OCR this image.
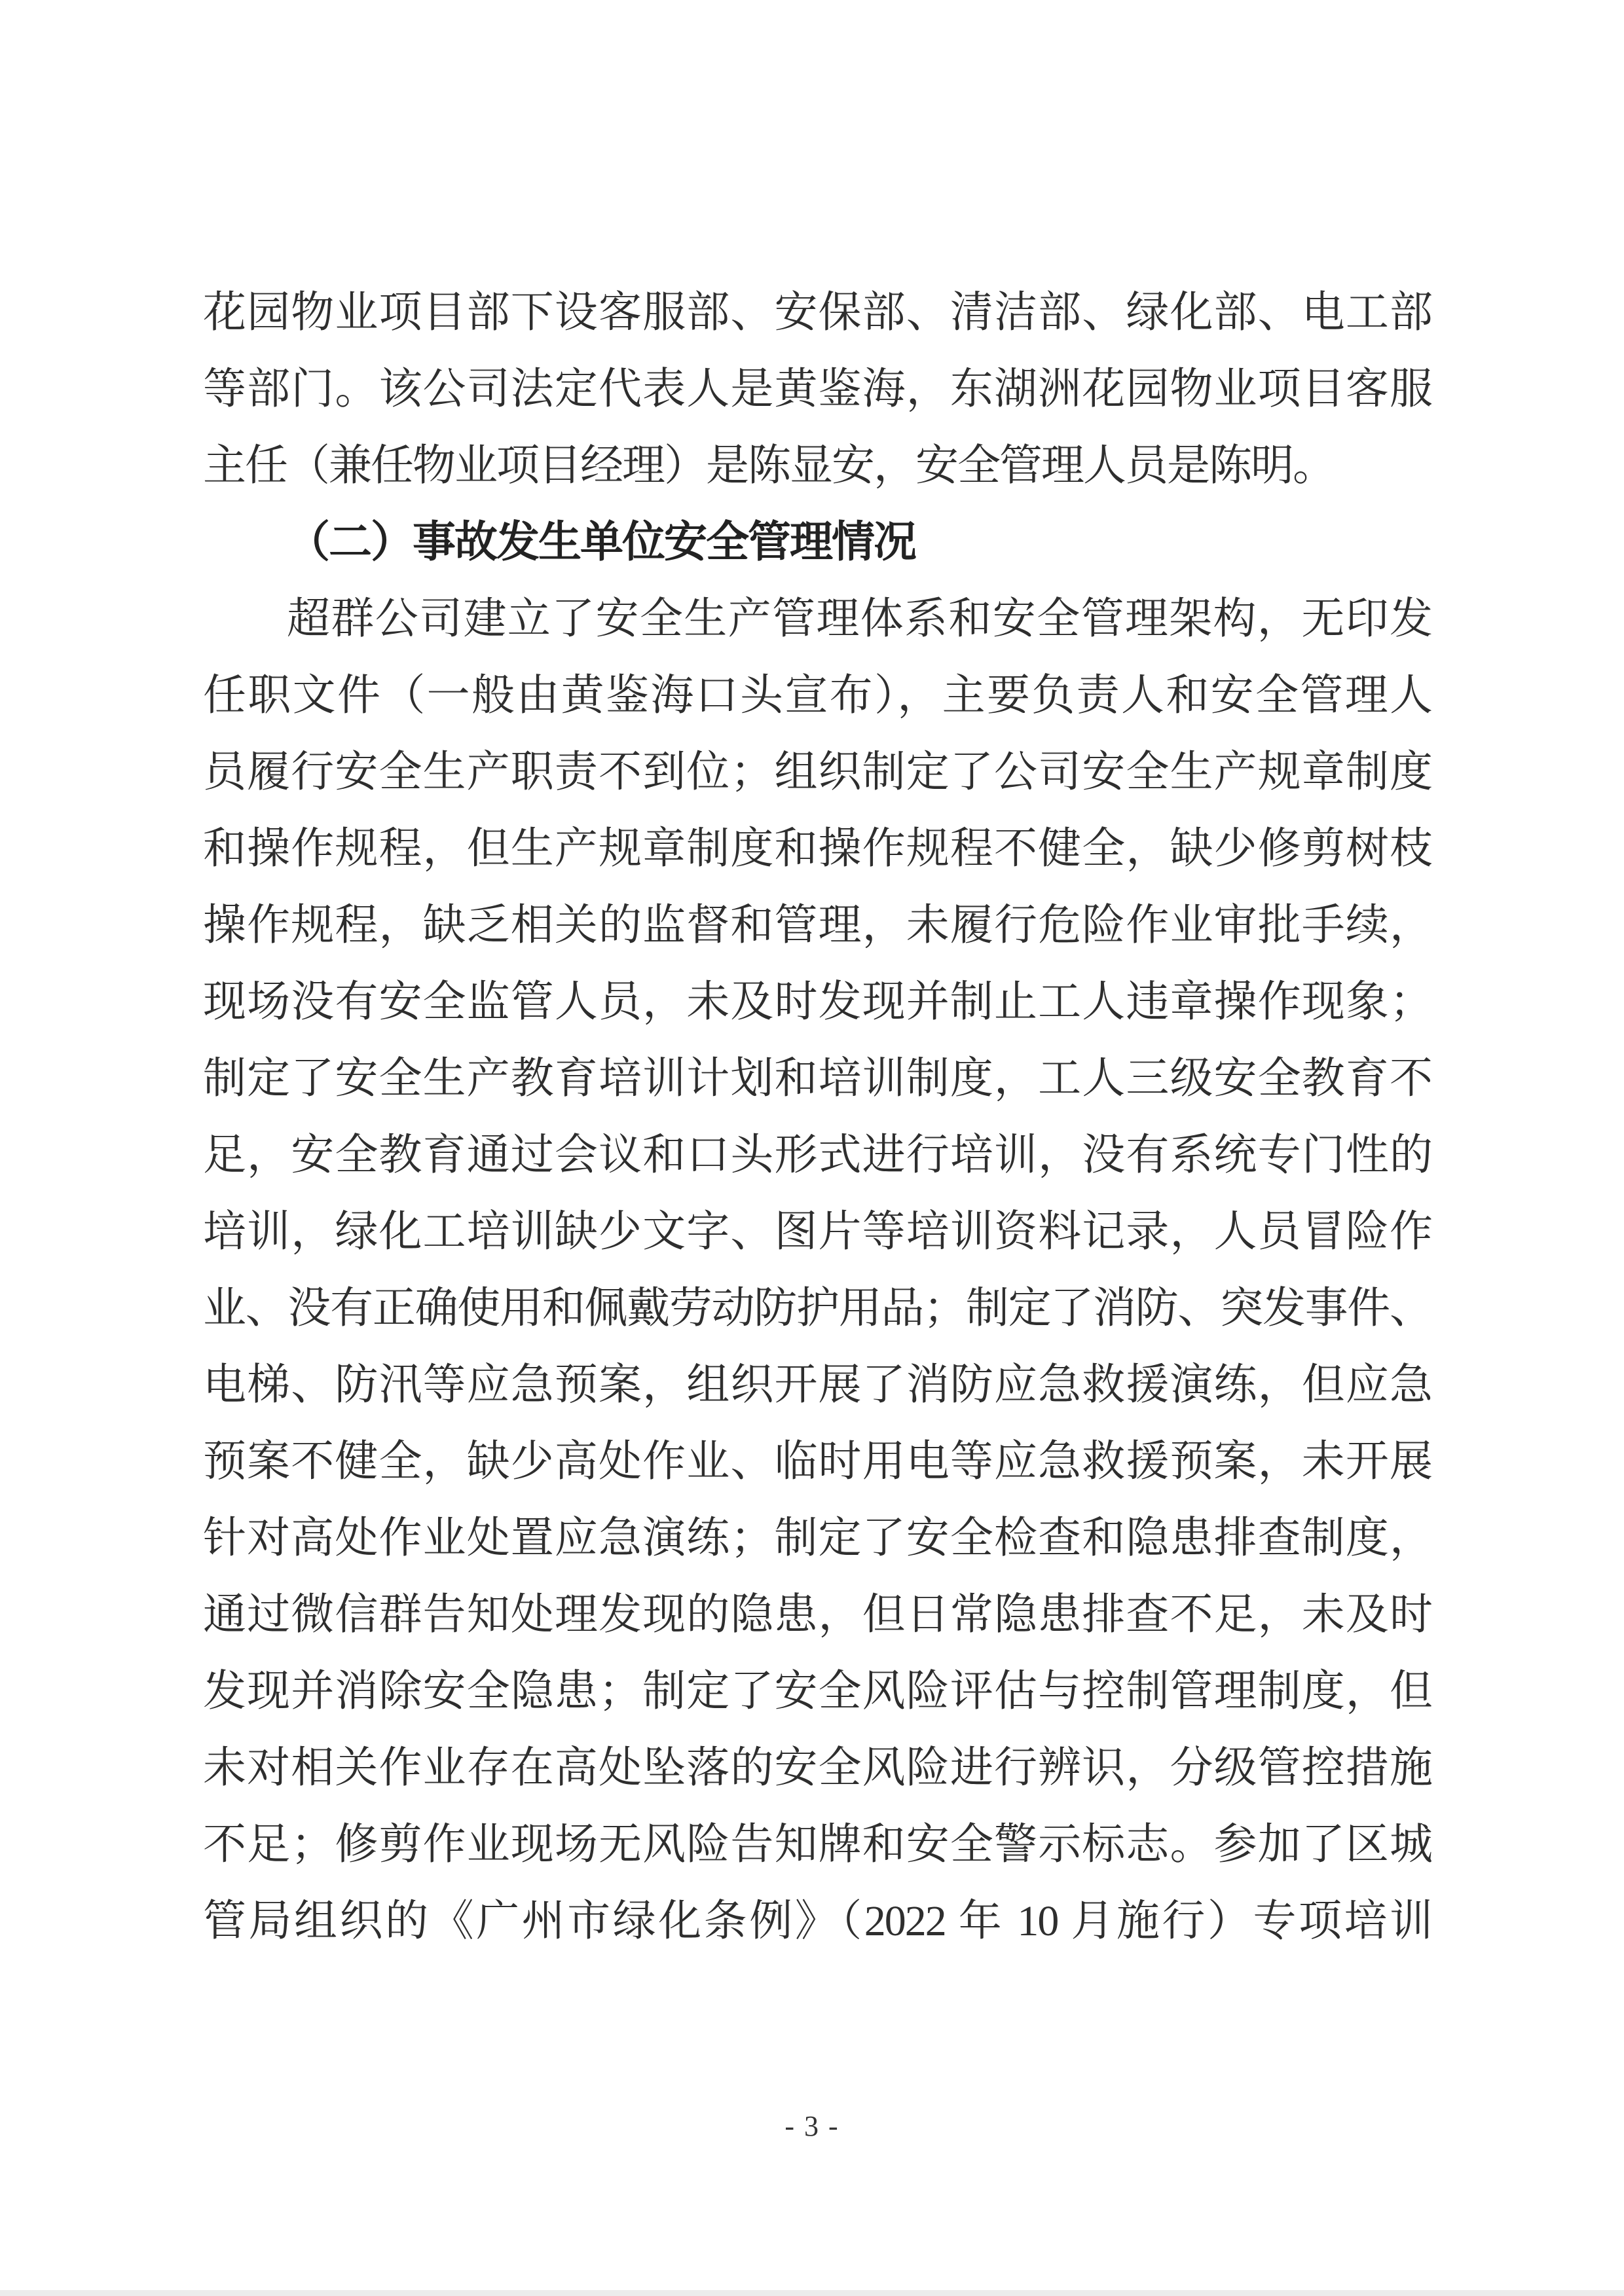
花园物业项目部下设客服部、安保部、清洁部、绿化部、电工部
等部门。该公司法定代表人是黄鉴海，东湖洲花园物业项目客服
主任（兼任物业项目经理）是陈显安，安全管理人员是陈明。
（二）事故发生单位安全管理情况
超群公司建立了安全生产管理体系和安全管理架构，无印发
任职文件（一般由黄鉴海口头宣布），主要负责人和安全管理人
员履行安全生产职责不到位；组织制定了公司安全生产规章制度
和操作规程，但生产规章制度和操作规程不健全，缺少修剪树枝
操作规程，缺乏相关的监督和管理，未履行危险作业审批手续，
现场没有安全监管人员，未及时发现并制止工人违章操作现象；
制定了安全生产教育培训计划和培训制度，工人三级安全教育不
足，安全教育通过会议和口头形式进行培训，没有系统专门性的
培训，绿化工培训缺少文字、图片等培训资料记录，人员冒险作
业、没有正确使用和佩戴劳动防护用品；制定了消防、突发事件、
电梯、防汛等应急预案，组织开展了消防应急救援演练，但应急
预案不健全，缺少高处作业、临时用电等应急救援预案，未开展
针对高处作业处置应急演练；制定了安全检查和隐患排查制度，
通过微信群告知处理发现的隐患，但日常隐患排查不足，未及时
发现并消除安全隐患；制定了安全风险评估与控制管理制度，但
未对相关作业存在高处坠落的安全风险进行辨识，分级管控措施
不足；修剪作业现场无风险告知牌和安全警示标志。参加了区城
管局组织的《广州市绿化条例》（2022 年 10 月施行）专项培训
- 3 -
